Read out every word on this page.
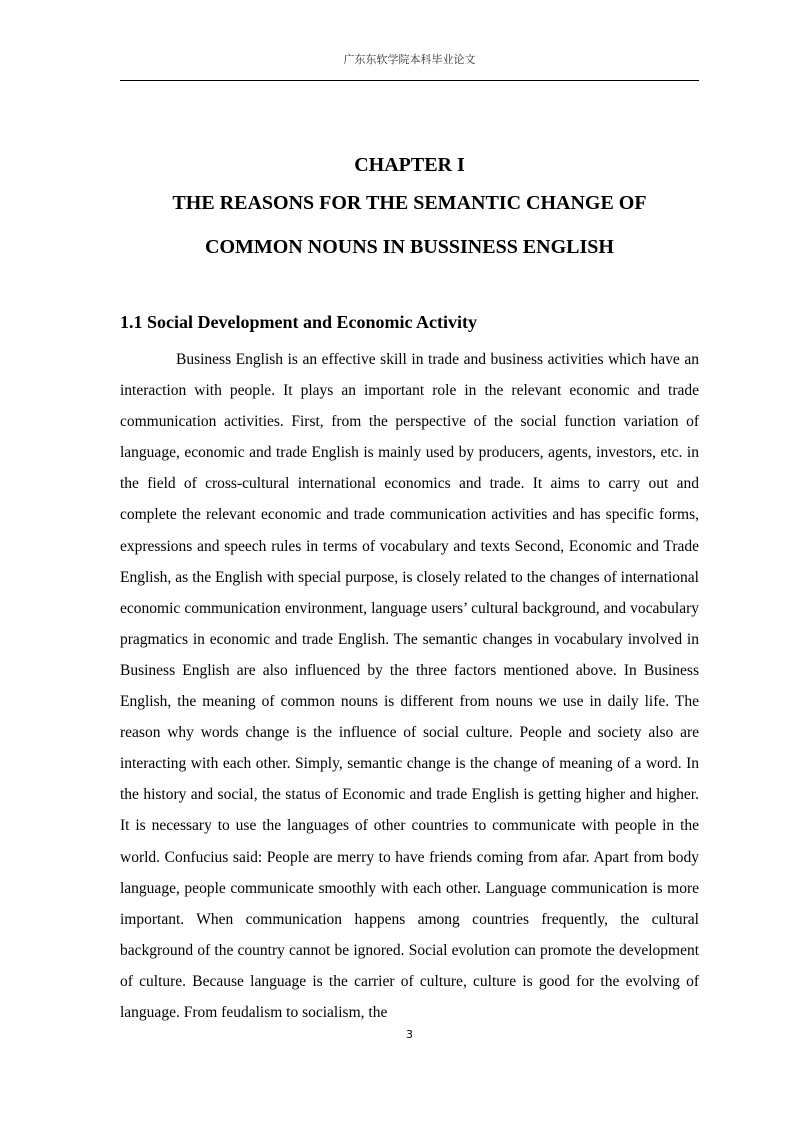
广东东软学院本科毕业论文
CHAPTER I
THE REASONS FOR THE SEMANTIC CHANGE OF
COMMON NOUNS IN BUSSINESS ENGLISH
1.1 Social Development and Economic Activity

Business English is an effective skill in trade and business activities which have an interaction with people. It plays an important role in the relevant economic and trade communication activities. First, from the perspective of the social function variation of language, economic and trade English is mainly used by producers, agents, investors, etc. in the field of cross-cultural international economics and trade. It aims to carry out and complete the relevant economic and trade communication activities and has specific forms, expressions and speech rules in terms of vocabulary and texts Second, Economic and Trade English, as the English with special purpose, is closely related to the changes of international economic communication environment, language users’ cultural background, and vocabulary pragmatics in economic and trade English. The semantic changes in vocabulary involved in Business English are also influenced by the three factors mentioned above. In Business English, the meaning of common nouns is different from nouns we use in daily life. The reason why words change is the influence of social culture. People and society also are interacting with each other. Simply, semantic change is the change of meaning of a word. In the history and social, the status of Economic and trade English is getting higher and higher. It is necessary to use the languages of other countries to communicate with people in the world. Confucius said: People are merry to have friends coming from afar. Apart from body language, people communicate smoothly with each other. Language communication is more important. When communication happens among countries frequently, the cultural background of the country cannot be ignored. Social evolution can promote the development of culture. Because language is the carrier of culture, culture is good for the evolving of language. From feudalism to socialism, the

3
